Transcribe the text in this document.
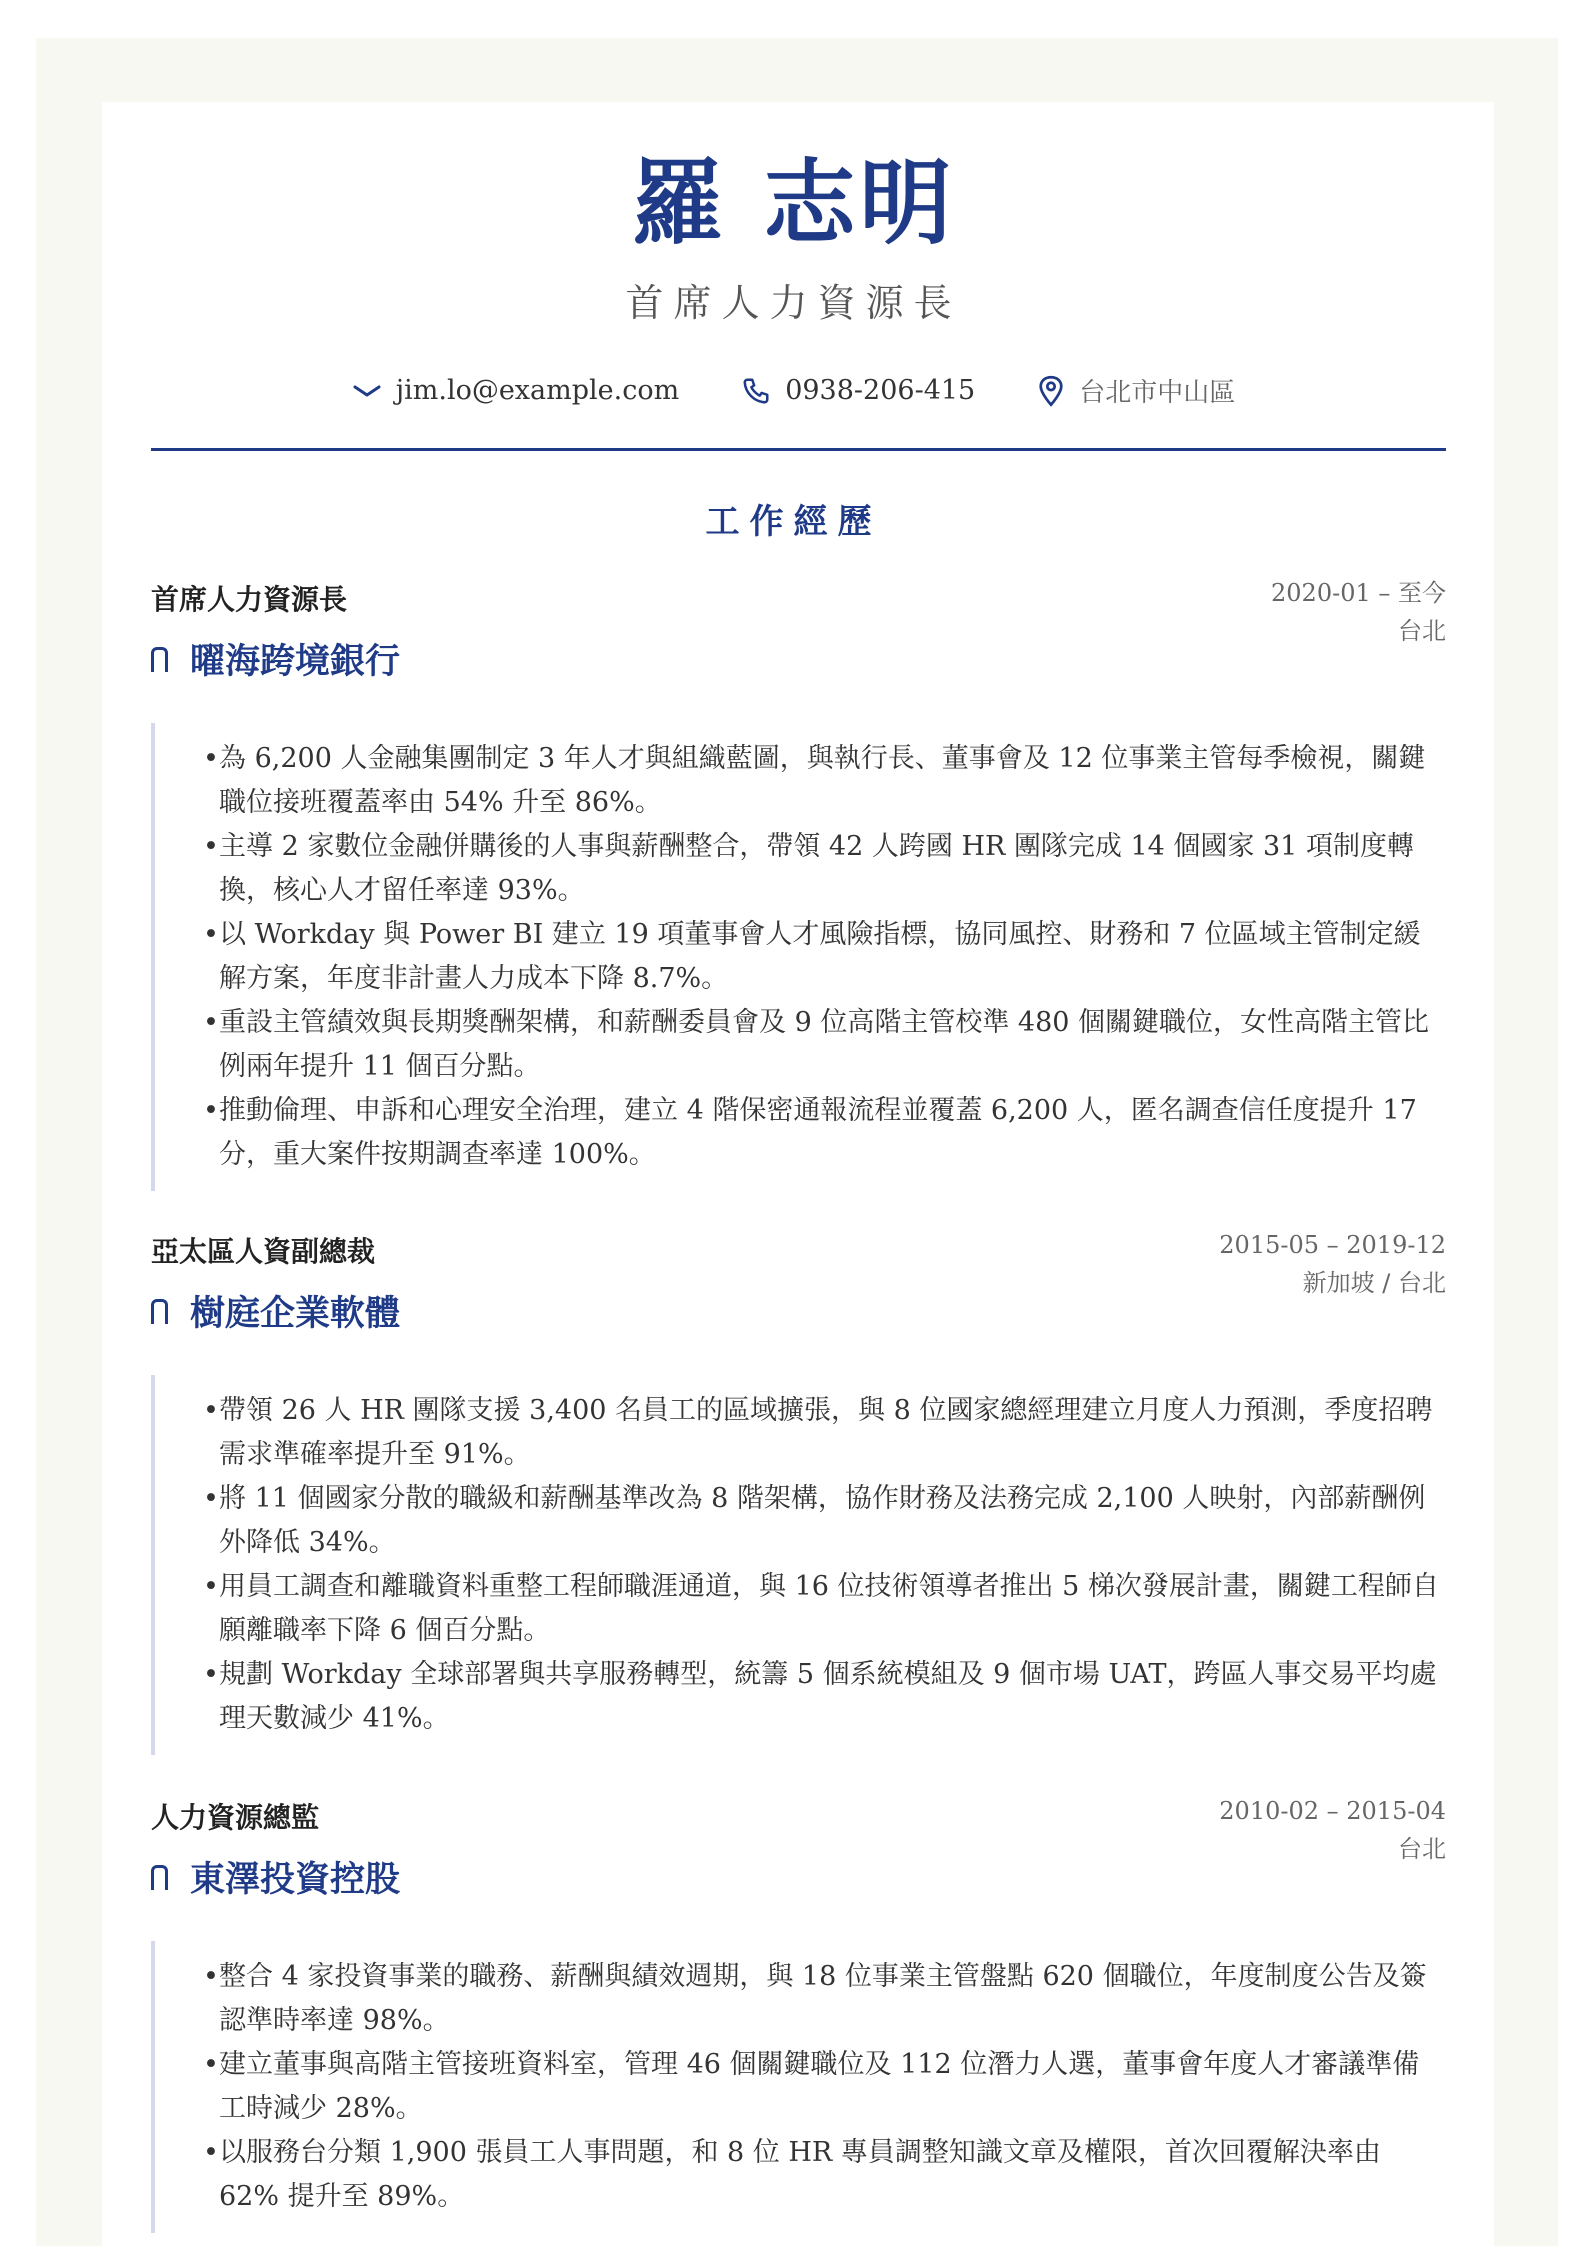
羅 志明
首席人力資源長
jim.lo@example.com	0938-206-415	台北市中山區
工作經歷
首席人力資源長	2020-01 – 至今
台北
曜海跨境銀行
• 為 6,200 人金融集團制定 3 年人才與組織藍圖，與執行長、董事會及 12 位事業主管每季檢視，關鍵職位接班覆蓋率由 54% 升至 86%。
• 主導 2 家數位金融併購後的人事與薪酬整合，帶領 42 人跨國 HR 團隊完成 14 個國家 31 項制度轉換，核心人才留任率達 93%。
• 以 Workday 與 Power BI 建立 19 項董事會人才風險指標，協同風控、財務和 7 位區域主管制定緩解方案，年度非計畫人力成本下降 8.7%。
• 重設主管績效與長期獎酬架構，和薪酬委員會及 9 位高階主管校準 480 個關鍵職位，女性高階主管比例兩年提升 11 個百分點。
• 推動倫理、申訴和心理安全治理，建立 4 階保密通報流程並覆蓋 6,200 人，匿名調查信任度提升 17 分，重大案件按期調查率達 100%。
亞太區人資副總裁	2015-05 – 2019-12
新加坡 / 台北
樹庭企業軟體
• 帶領 26 人 HR 團隊支援 3,400 名員工的區域擴張，與 8 位國家總經理建立月度人力預測，季度招聘需求準確率提升至 91%。
• 將 11 個國家分散的職級和薪酬基準改為 8 階架構，協作財務及法務完成 2,100 人映射，內部薪酬例外降低 34%。
• 用員工調查和離職資料重整工程師職涯通道，與 16 位技術領導者推出 5 梯次發展計畫，關鍵工程師自願離職率下降 6 個百分點。
• 規劃 Workday 全球部署與共享服務轉型，統籌 5 個系統模組及 9 個市場 UAT，跨區人事交易平均處理天數減少 41%。
人力資源總監	2010-02 – 2015-04
台北
東澤投資控股
• 整合 4 家投資事業的職務、薪酬與績效週期，與 18 位事業主管盤點 620 個職位，年度制度公告及簽認準時率達 98%。
• 建立董事與高階主管接班資料室，管理 46 個關鍵職位及 112 位潛力人選，董事會年度人才審議準備工時減少 28%。
• 以服務台分類 1,900 張員工人事問題，和 8 位 HR 專員調整知識文章及權限，首次回覆解決率由 62% 提升至 89%。
